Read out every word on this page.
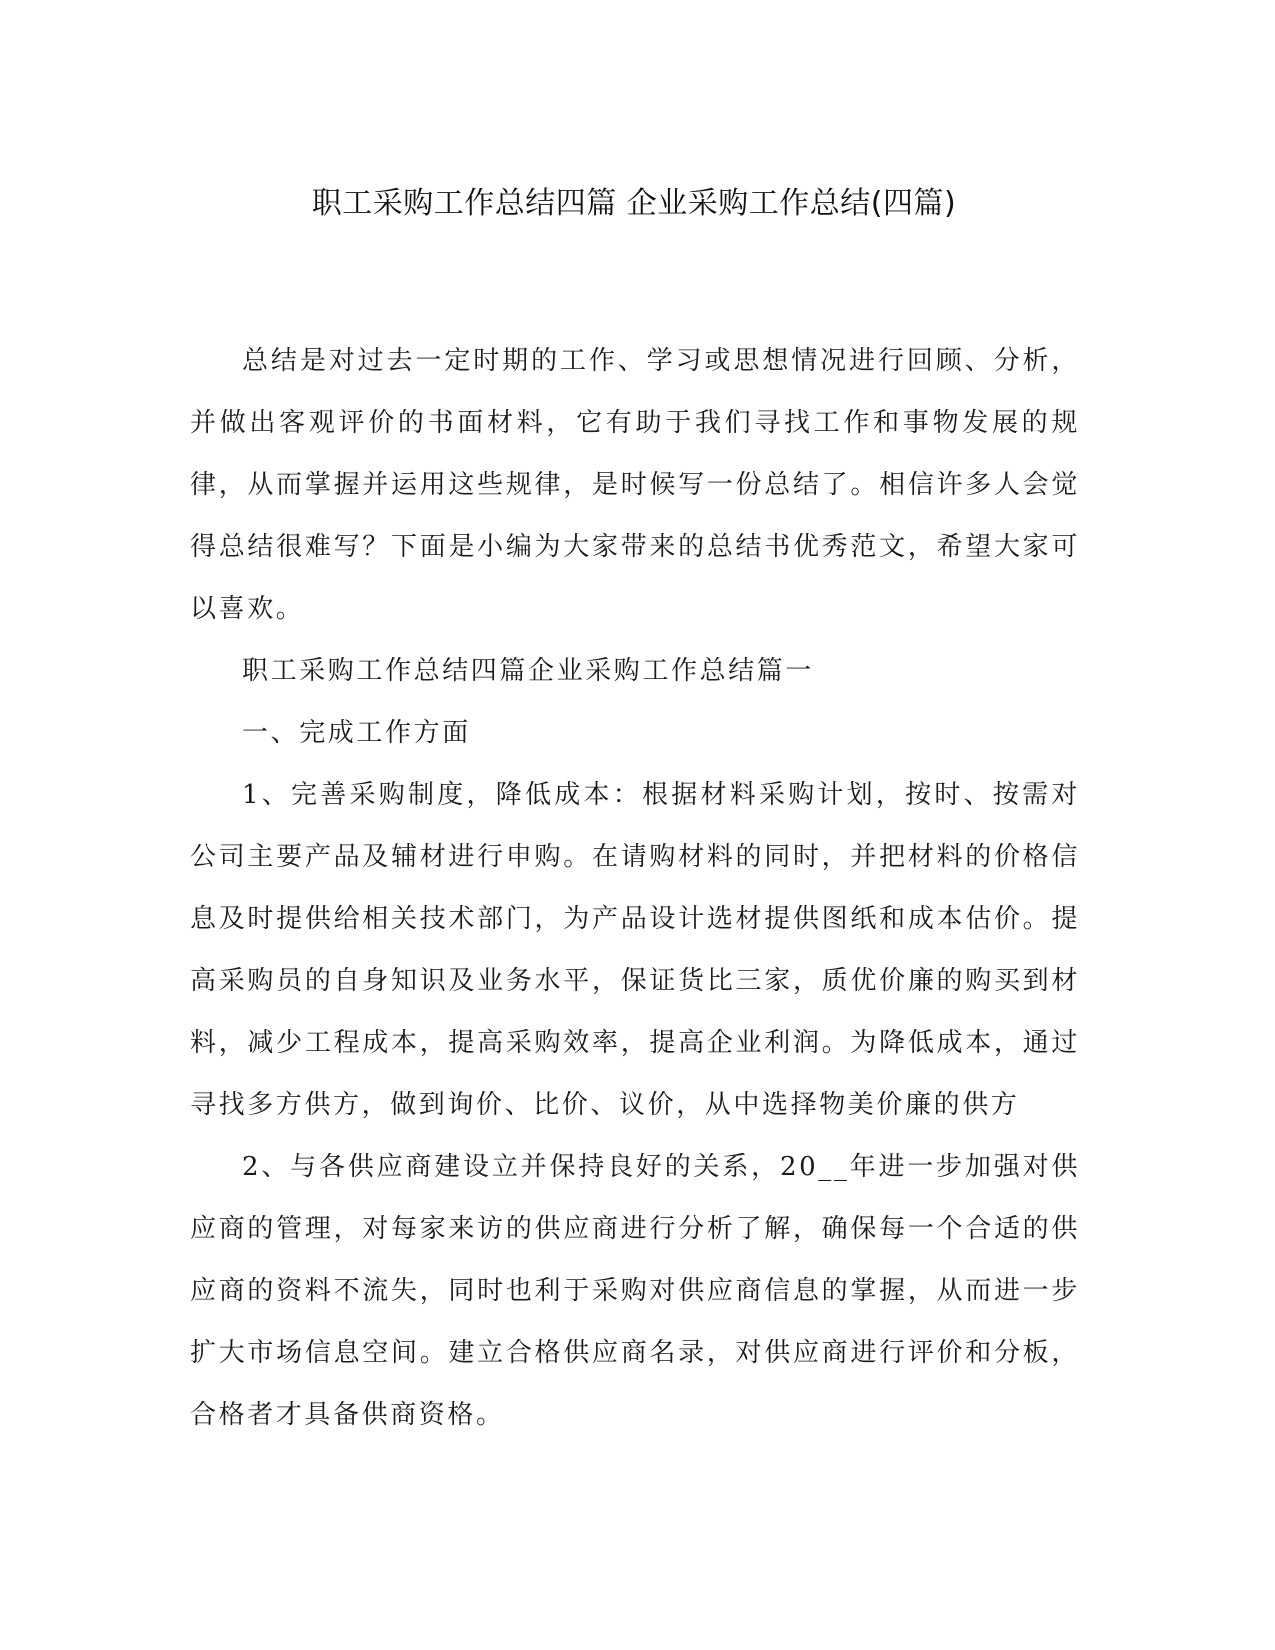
职工采购工作总结四篇 企业采购工作总结(四篇)

总结是对过去一定时期的工作、学习或思想情况进行回顾、分析，并做出客观评价的书面材料，它有助于我们寻找工作和事物发展的规律，从而掌握并运用这些规律，是时候写一份总结了。相信许多人会觉得总结很难写？下面是小编为大家带来的总结书优秀范文，希望大家可以喜欢。

职工采购工作总结四篇企业采购工作总结篇一

一、完成工作方面

1、完善采购制度，降低成本：根据材料采购计划，按时、按需对公司主要产品及辅材进行申购。在请购材料的同时，并把材料的价格信息及时提供给相关技术部门，为产品设计选材提供图纸和成本估价。提高采购员的自身知识及业务水平，保证货比三家，质优价廉的购买到材料，减少工程成本，提高采购效率，提高企业利润。为降低成本，通过寻找多方供方，做到询价、比价、议价，从中选择物美价廉的供方

2、与各供应商建设立并保持良好的关系，20__年进一步加强对供应商的管理，对每家来访的供应商进行分析了解，确保每一个合适的供应商的资料不流失，同时也利于采购对供应商信息的掌握，从而进一步扩大市场信息空间。建立合格供应商名录，对供应商进行评价和分板，合格者才具备供商资格。
